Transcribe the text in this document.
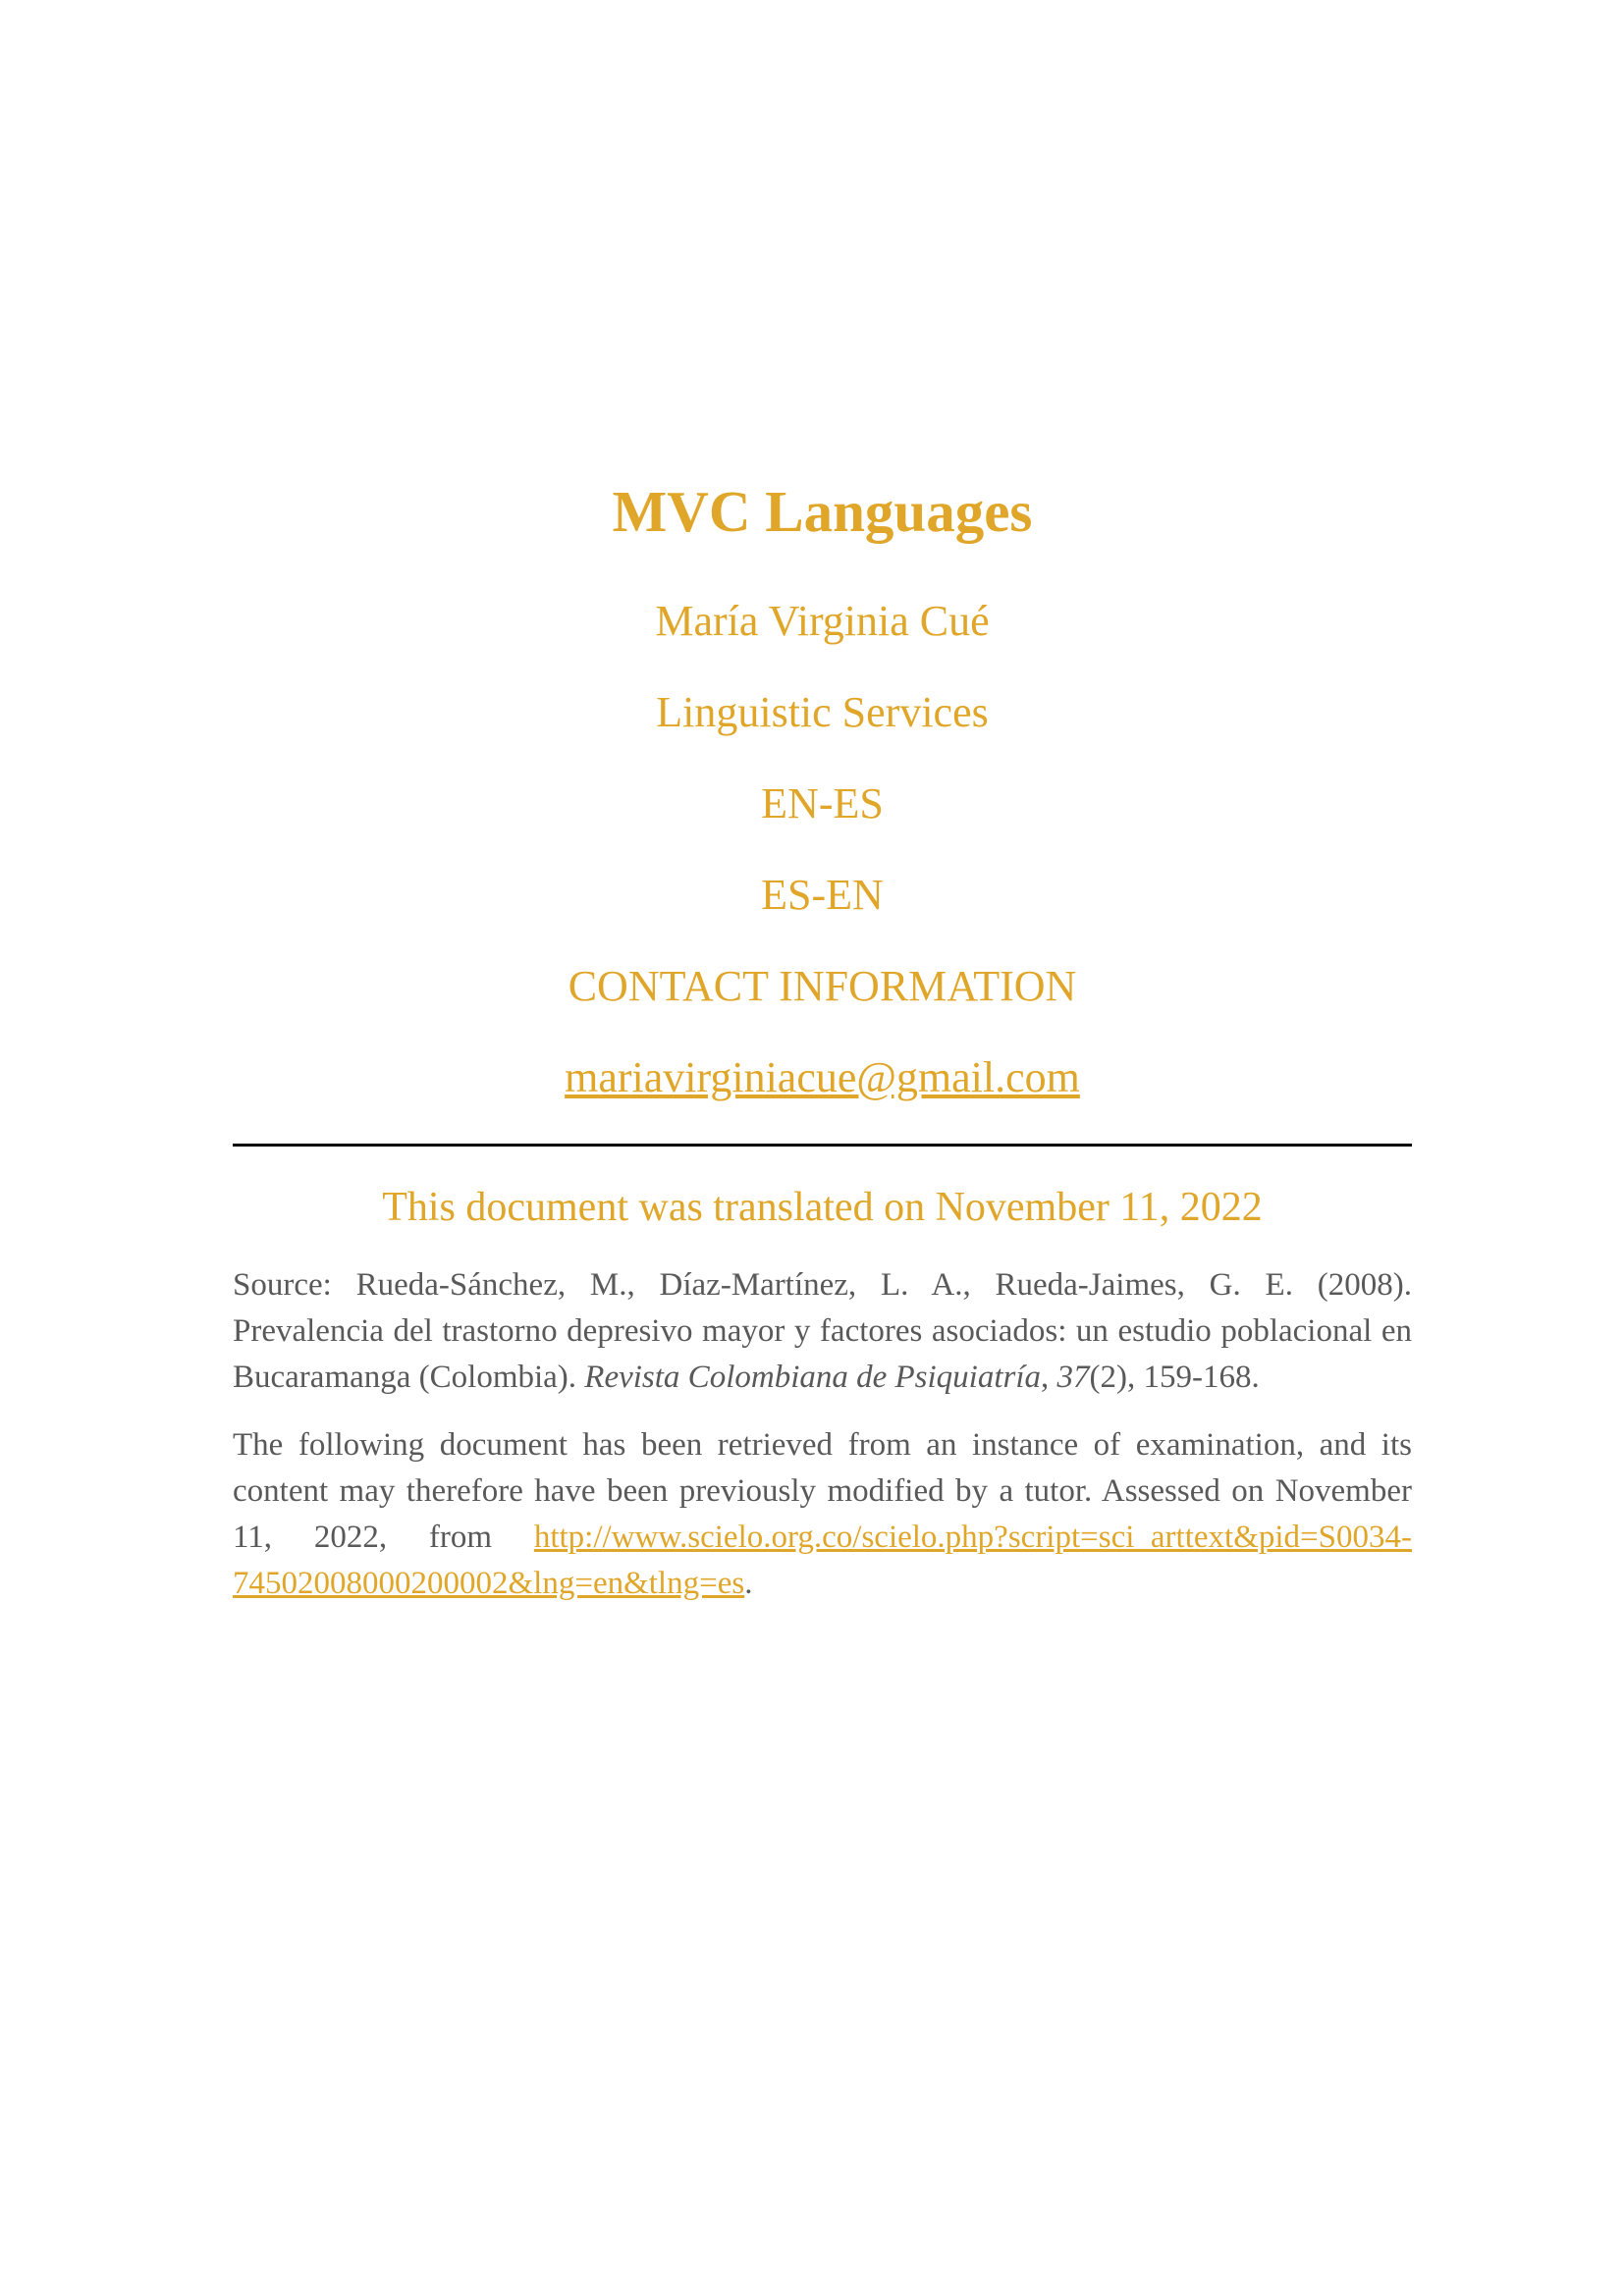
MVC Languages

María Virginia Cué

Linguistic Services

EN-ES

ES-EN

CONTACT INFORMATION

mariavirginiacue@gmail.com

This document was translated on November 11, 2022

Source: Rueda-Sánchez, M., Díaz-Martínez, L. A., Rueda-Jaimes, G. E. (2008). Prevalencia del trastorno depresivo mayor y factores asociados: un estudio poblacional en Bucaramanga (Colombia). Revista Colombiana de Psiquiatría, 37(2), 159-168.

The following document has been retrieved from an instance of examination, and its content may therefore have been previously modified by a tutor. Assessed on November 11, 2022, from http://www.scielo.org.co/scielo.php?script=sci_arttext&pid=S0034-74502008000200002&lng=en&tlng=es.
